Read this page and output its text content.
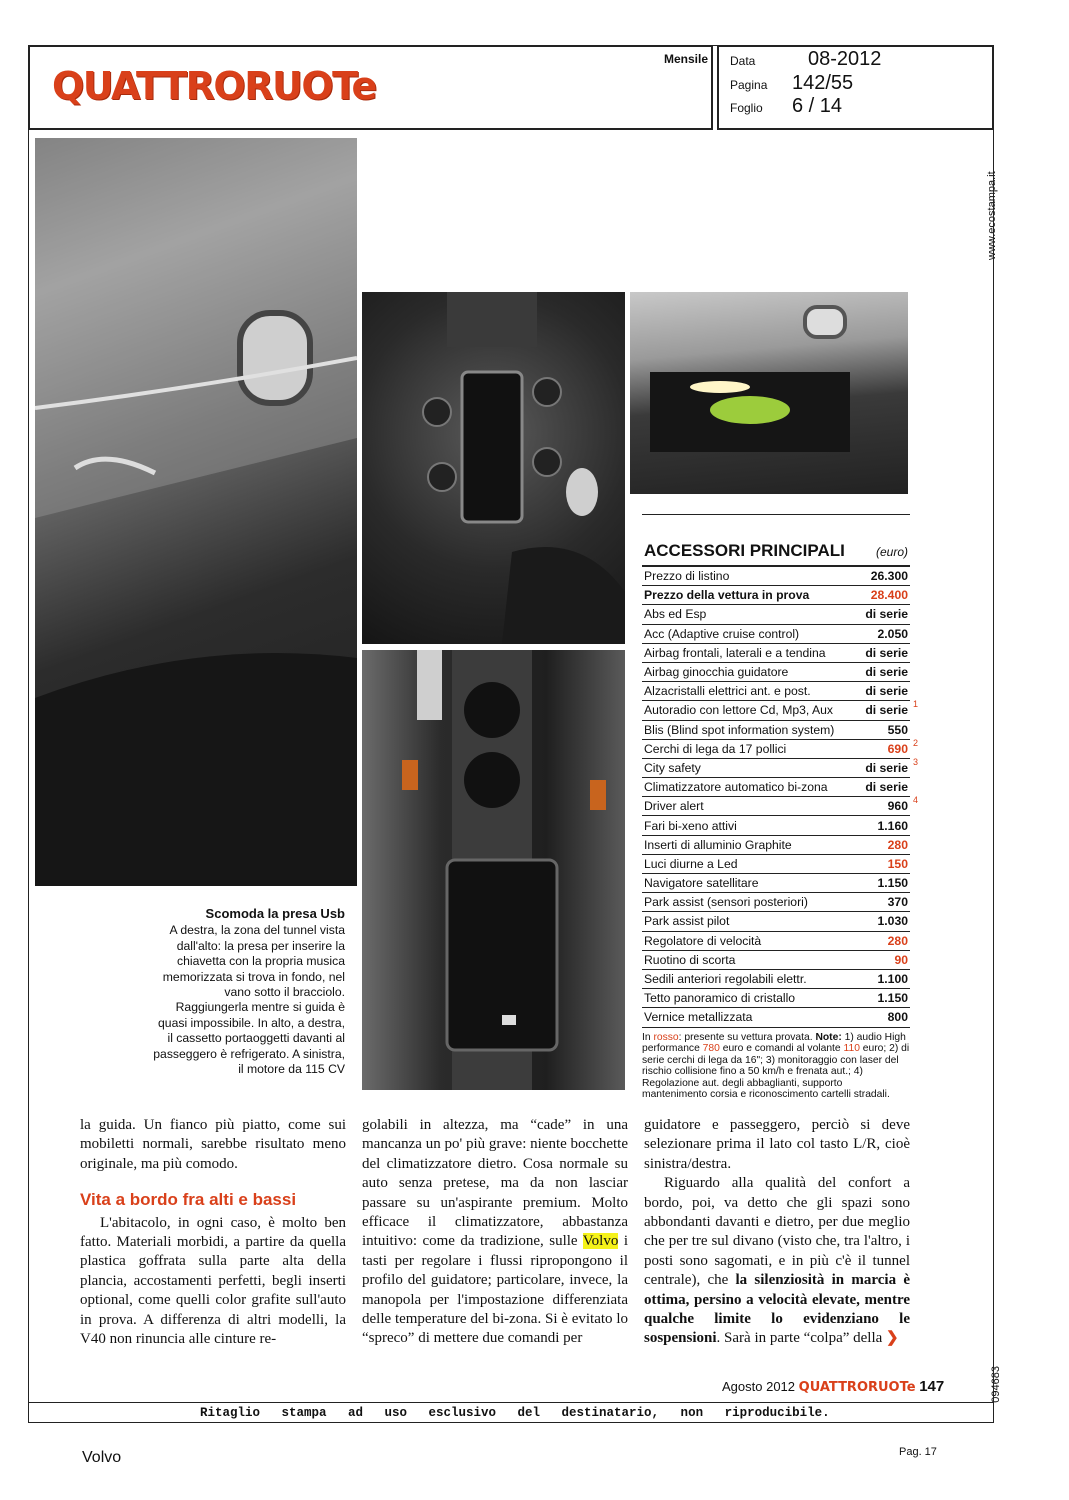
QUATTRORUOTe
Mensile Data	08-2012
Pagina 142/55
Foglio 6 / 14
www.ecostampa.it
Scomoda la presa Usb
A destra, la zona del tunnel vista dall'alto: la presa per inserire la chiavetta con la propria musica memorizzata si trova in fondo, nel vano sotto il bracciolo. Raggiungerla mentre si guida è quasi impossibile. In alto, a destra, il cassetto portaoggetti davanti al passeggero è refrigerato. A sinistra, il motore da 115 CV
ACCESSORI PRINCIPALI	(euro)
Prezzo di listino	26.300
Prezzo della vettura in prova	28.400
Abs ed Esp	di serie
Acc (Adaptive cruise control)	2.050
Airbag frontali, laterali e a tendina	di serie
Airbag ginocchia guidatore	di serie
Alzacristalli elettrici ant. e post.	di serie
Autoradio con lettore Cd, Mp3, Aux	di serie 1
Blis (Blind spot information system)	550
Cerchi di lega da 17 pollici	690 2
City safety	di serie 3
Climatizzatore automatico bi-zona	di serie
Driver alert	960 4
Fari bi-xeno attivi	1.160
Inserti di alluminio Graphite	280
Luci diurne a Led	150
Navigatore satellitare	1.150
Park assist (sensori posteriori)	370
Park assist pilot	1.030
Regolatore di velocità	280
Ruotino di scorta	90
Sedili anteriori regolabili elettr.	1.100
Tetto panoramico di cristallo	1.150
Vernice metallizzata	800
In rosso: presente su vettura provata. Note: 1) audio High performance 780 euro e comandi al volante 110 euro; 2) di serie cerchi di lega da 16"; 3) monitoraggio con laser del rischio collisione fino a 50 km/h e frenata aut.; 4) Regolazione aut. degli abbaglianti, supporto mantenimento corsia e riconoscimento cartelli stradali.

la guida. Un fianco più piatto, come sui mobiletti normali, sarebbe risultato meno originale, ma più comodo.

Vita a bordo fra alti e bassi

L'abitacolo, in ogni caso, è molto ben fatto. Materiali morbidi, a partire da quella plastica goffrata sulla parte alta della plancia, accostamenti perfetti, begli inserti optional, come quelli color grafite sull'auto in prova. A differenza di altri modelli, la V40 non rinuncia alle cinture re-

golabili in altezza, ma “cade” in una mancanza un po' più grave: niente bocchette del climatizzatore dietro. Cosa normale su auto senza pretese, ma da non lasciar passare su un'aspirante premium. Molto efficace il climatizzatore, abbastanza intuitivo: come da tradizione, sulle Volvo i tasti per regolare i flussi ripropongono il profilo del guidatore; particolare, invece, la manopola per l'impostazione differenziata delle temperature del bi-zona. Si è evitato lo “spreco” di mettere due comandi per

guidatore e passeggero, perciò si deve selezionare prima il lato col tasto L/R, cioè sinistra/destra.

Riguardo alla qualità del confort a bordo, poi, va detto che gli spazi sono abbondanti davanti e dietro, per due meglio che per tre sul divano (visto che, tra l'altro, i posti sono sagomati, e in più c'è il tunnel centrale), che la silenziosità in marcia è ottima, persino a velocità elevate, mentre qualche limite lo evidenziano le sospensioni. Sarà in parte “colpa” della ❯

Agosto 2012 QUATTRORUOTe 147	094683
Ritaglio stampa ad uso esclusivo del destinatario, non riproducibile.
Volvo	Pag. 17
